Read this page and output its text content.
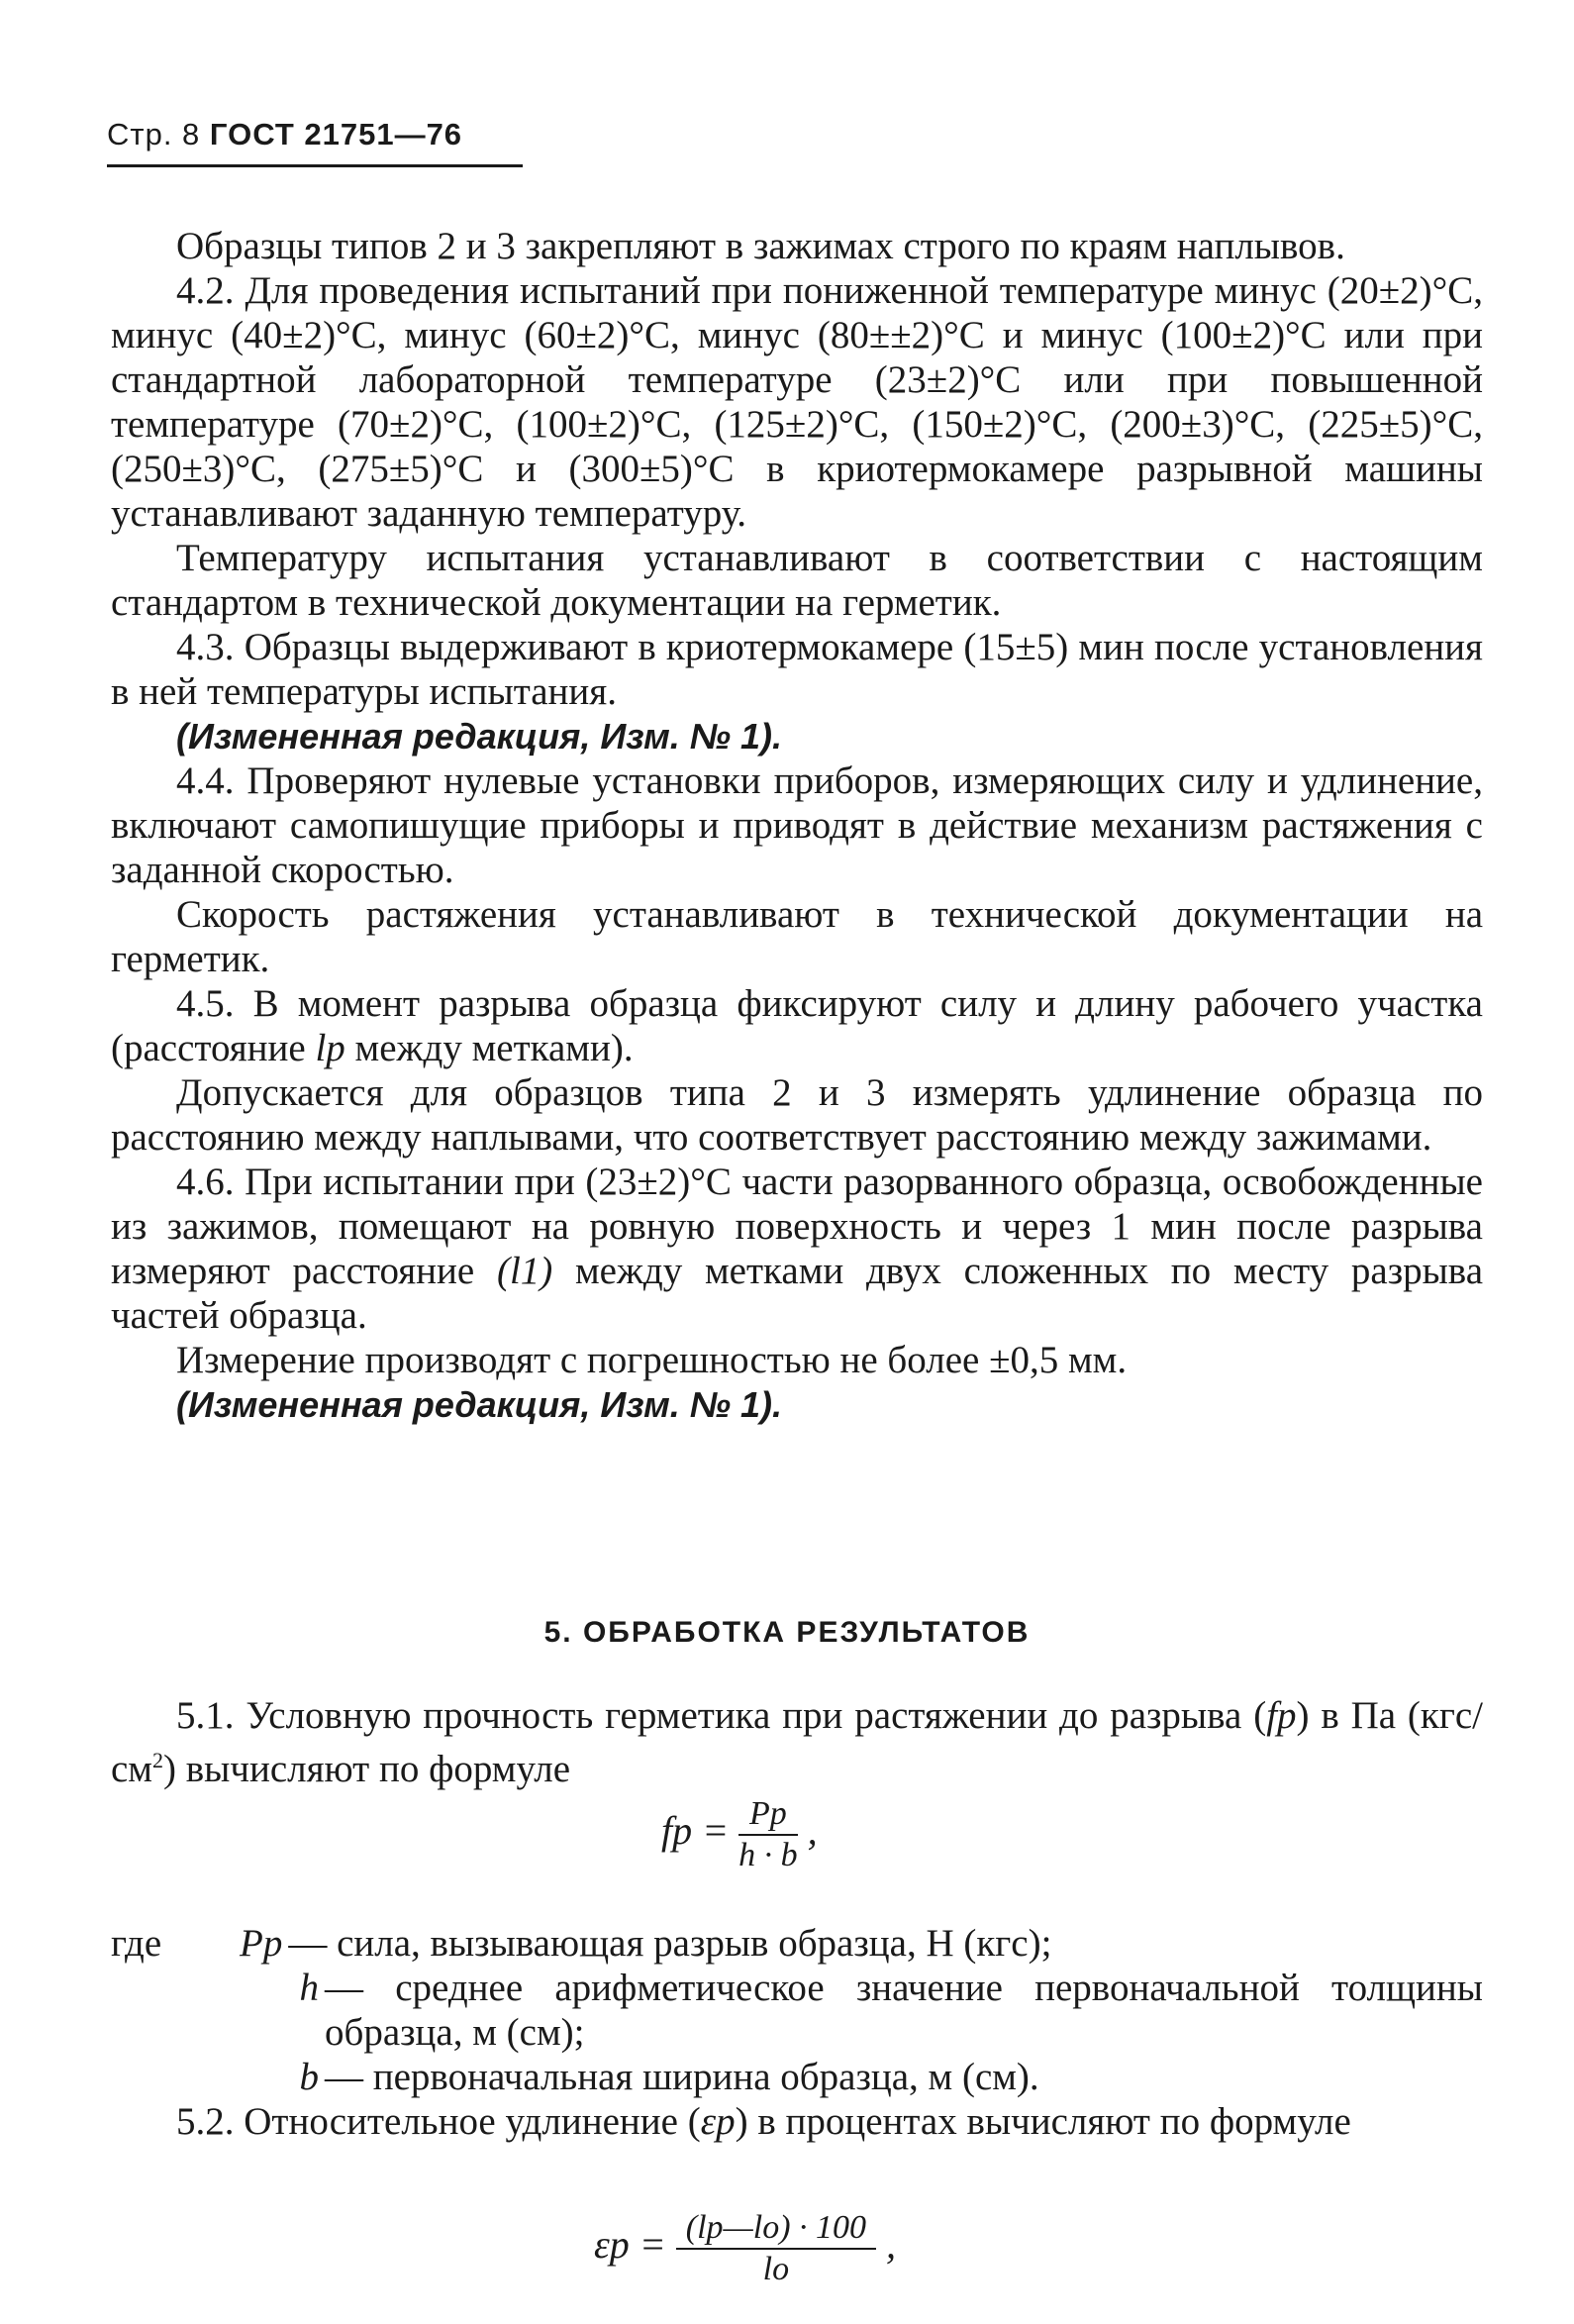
Стр. 8 ГОСТ 21751—76

Образцы типов 2 и 3 закрепляют в зажимах строго по краям наплывов.

4.2. Для проведения испытаний при пониженной температуре минус (20±2)°С, минус (40±2)°С, минус (60±2)°С, минус (80±±2)°С и минус (100±2)°С или при стандартной лабораторной температуре (23±2)°С или при повышенной температуре (70±2)°С, (100±2)°С, (125±2)°С, (150±2)°С, (200±3)°С, (225±5)°С, (250±3)°С, (275±5)°С и (300±5)°С в криотермокамере разрывной машины устанавливают заданную температуру.

Температуру испытания устанавливают в соответствии с настоящим стандартом в технической документации на герметик.

4.3. Образцы выдерживают в криотермокамере (15±5) мин после установления в ней температуры испытания.

(Измененная редакция, Изм. № 1).

4.4. Проверяют нулевые установки приборов, измеряющих силу и удлинение, включают самопишущие приборы и приводят в действие механизм растяжения с заданной скоростью.

Скорость растяжения устанавливают в технической документации на герметик.

4.5. В момент разрыва образца фиксируют силу и длину рабочего участка (расстояние lр между метками).

Допускается для образцов типа 2 и 3 измерять удлинение образца по расстоянию между наплывами, что соответствует расстоянию между зажимами.

4.6. При испытании при (23±2)°С части разорванного образца, освобожденные из зажимов, помещают на ровную поверхность и через 1 мин после разрыва измеряют расстояние (l1) между метками двух сложенных по месту разрыва частей образца.

Измерение производят с погрешностью не более ±0,5 мм.

(Измененная редакция, Изм. № 1).

5. ОБРАБОТКА РЕЗУЛЬТАТОВ

5.1. Условную прочность герметика при растяжении до разрыва (fр) в Па $(кгс/см^2)$ вычисляют по формуле

fр = $\frac{Pр}{h \cdot b}$ ,
где	Pр — сила, вызывающая разрыв образца, Н (кгс);
h — среднее арифметическое значение первоначальной толщины образца, м (см);
b — первоначальная ширина образца, м (см).

5.2. Относительное удлинение (εр) в процентах вычисляют по формуле

$\varepsilon р = \frac{(lр—lо) \cdot 100}{lо}$ ,
